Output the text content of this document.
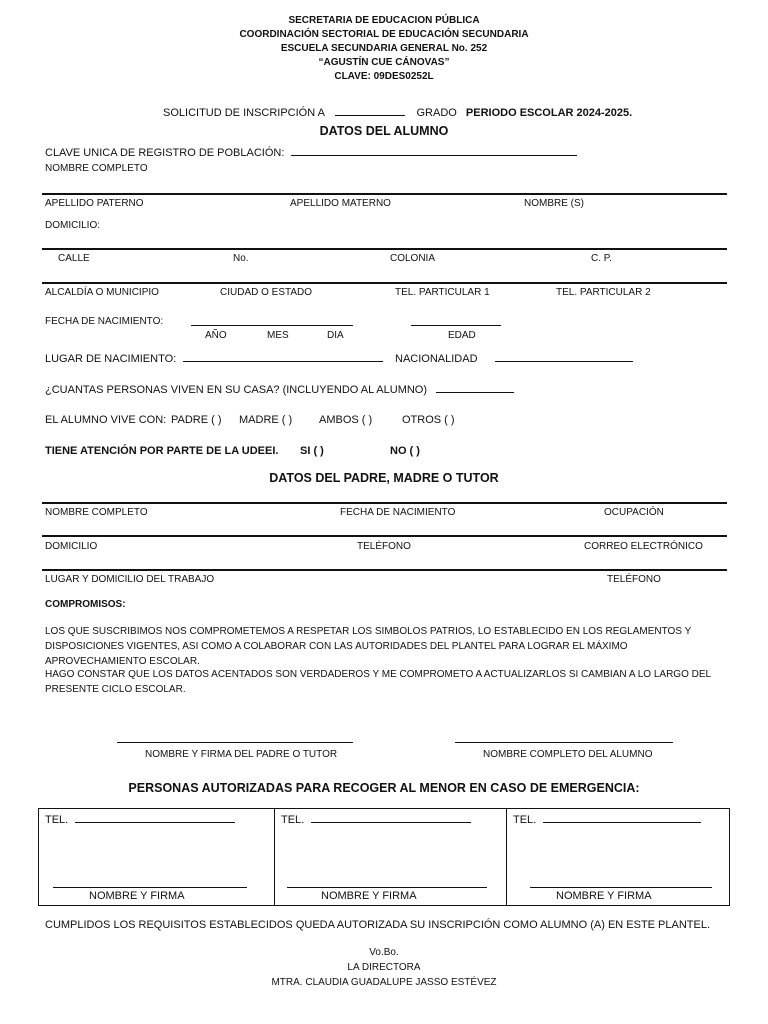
SECRETARIA DE EDUCACION PÚBLICA
COORDINACIÓN SECTORIAL DE EDUCACIÓN SECUNDARIA
ESCUELA SECUNDARIA GENERAL No. 252
“AGUSTÍN CUE CÁNOVAS”
CLAVE: 09DES0252L
SOLICITUD DE INSCRIPCIÓN A	GRADO PERIODO ESCOLAR 2024-2025.
DATOS DEL ALUMNO
CLAVE UNICA DE REGISTRO DE POBLACIÓN:
NOMBRE COMPLETO
APELLIDO PATERNO	APELLIDO MATERNO	NOMBRE (S)
DOMICILIO:
CALLE	No.	COLONIA	C. P.
ALCALDÍA O MUNICIPIO	CIUDAD O ESTADO	TEL. PARTICULAR 1	TEL. PARTICULAR 2
FECHA DE NACIMIENTO:
AÑO	MES	DIA	EDAD
LUGAR DE NACIMIENTO:	NACIONALIDAD
¿CUANTAS PERSONAS VIVEN EN SU CASA? (INCLUYENDO AL ALUMNO)
EL ALUMNO VIVE CON: PADRE ( ) MADRE ( ) AMBOS ( )	OTROS ( )
TIENE ATENCIÓN POR PARTE DE LA UDEEI. SI ( )	NO ( )
DATOS DEL PADRE, MADRE O TUTOR
NOMBRE COMPLETO	FECHA DE NACIMIENTO	OCUPACIÓN
DOMICILIO	TELÉFONO	CORREO ELECTRÓNICO
LUGAR Y DOMICILIO DEL TRABAJO	TELÉFONO
COMPROMISOS:
LOS QUE SUSCRIBIMOS NOS COMPROMETEMOS A RESPETAR LOS SIMBOLOS PATRIOS, LO ESTABLECIDO EN LOS REGLAMENTOS Y DISPOSICIONES VIGENTES, ASI COMO A COLABORAR CON LAS AUTORIDADES DEL PLANTEL PARA LOGRAR EL MÁXIMO APROVECHAMIENTO ESCOLAR.
HAGO CONSTAR QUE LOS DATOS ACENTADOS SON VERDADEROS Y ME COMPROMETO A ACTUALIZARLOS SI CAMBIAN A LO LARGO DEL PRESENTE CICLO ESCOLAR.
NOMBRE Y FIRMA DEL PADRE O TUTOR	NOMBRE COMPLETO DEL ALUMNO
PERSONAS AUTORIZADAS PARA RECOGER AL MENOR EN CASO DE EMERGENCIA:
TEL.	TEL.	TEL.
NOMBRE Y FIRMA	NOMBRE Y FIRMA	NOMBRE Y FIRMA
CUMPLIDOS LOS REQUISITOS ESTABLECIDOS QUEDA AUTORIZADA SU INSCRIPCIÓN COMO ALUMNO (A) EN ESTE PLANTEL.
Vo.Bo.
LA DIRECTORA
MTRA. CLAUDIA GUADALUPE JASSO ESTÉVEZ
